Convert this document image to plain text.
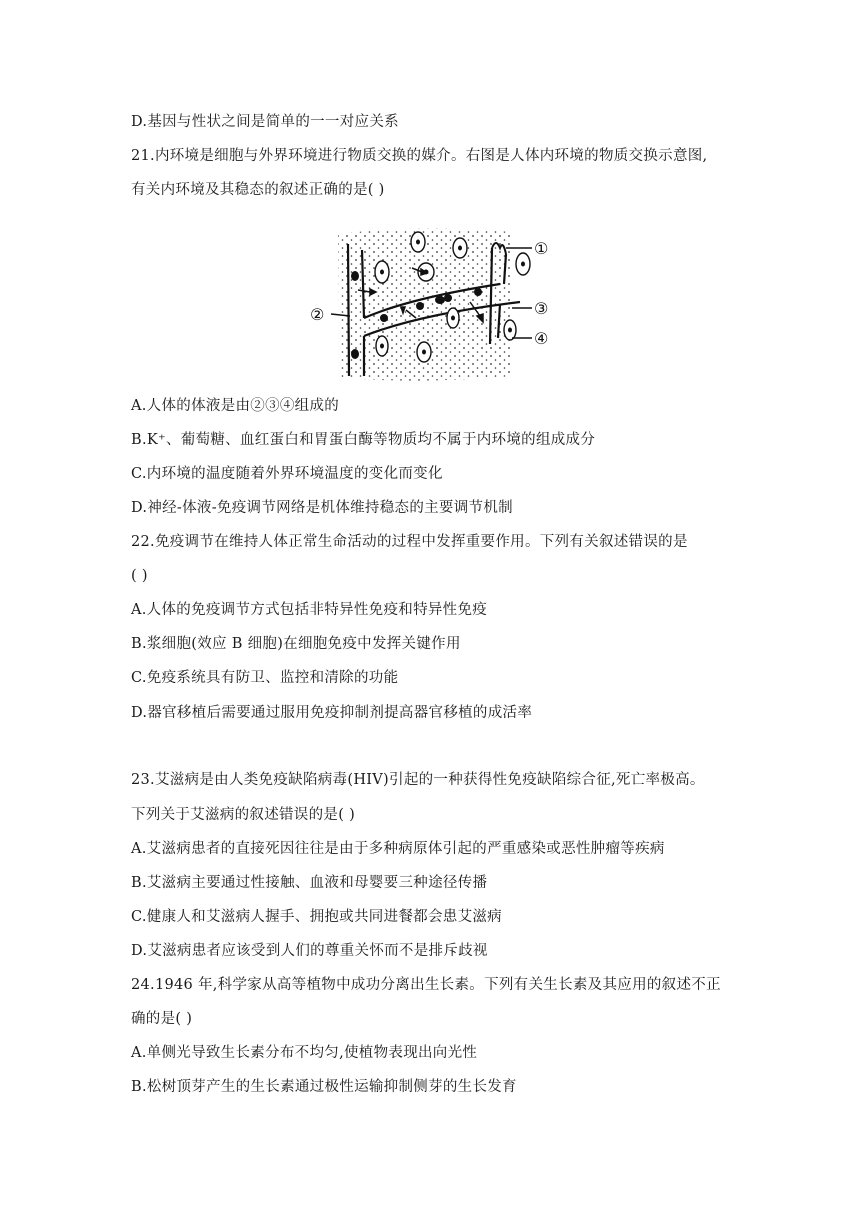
D.基因与性状之间是简单的一一对应关系
21.内环境是细胞与外界环境进行物质交换的媒介。右图是人体内环境的物质交换示意图,
有关内环境及其稳态的叙述正确的是( )
①
②	③
④
A.人体的体液是由②③④组成的
B.K⁺、葡萄糖、血红蛋白和胃蛋白酶等物质均不属于内环境的组成成分
C.内环境的温度随着外界环境温度的变化而变化
D.神经-体液-免疫调节网络是机体维持稳态的主要调节机制
22.免疫调节在维持人体正常生命活动的过程中发挥重要作用。下列有关叙述错误的是
( )
A.人体的免疫调节方式包括非特异性免疫和特异性免疫
B.浆细胞(效应 B 细胞)在细胞免疫中发挥关键作用
C.免疫系统具有防卫、监控和清除的功能
D.器官移植后需要通过服用免疫抑制剂提高器官移植的成活率
23.艾滋病是由人类免疫缺陷病毒(HIV)引起的一种获得性免疫缺陷综合征,死亡率极高。
下列关于艾滋病的叙述错误的是( )
A.艾滋病患者的直接死因往往是由于多种病原体引起的严重感染或恶性肿瘤等疾病
B.艾滋病主要通过性接触、血液和母婴要三种途径传播
C.健康人和艾滋病人握手、拥抱或共同进餐都会患艾滋病
D.艾滋病患者应该受到人们的尊重关怀而不是排斥歧视
24.1946 年,科学家从高等植物中成功分离出生长素。下列有关生长素及其应用的叙述不正
确的是( )
A.单侧光导致生长素分布不均匀,使植物表现出向光性
B.松树顶芽产生的生长素通过极性运输抑制侧芽的生长发育
